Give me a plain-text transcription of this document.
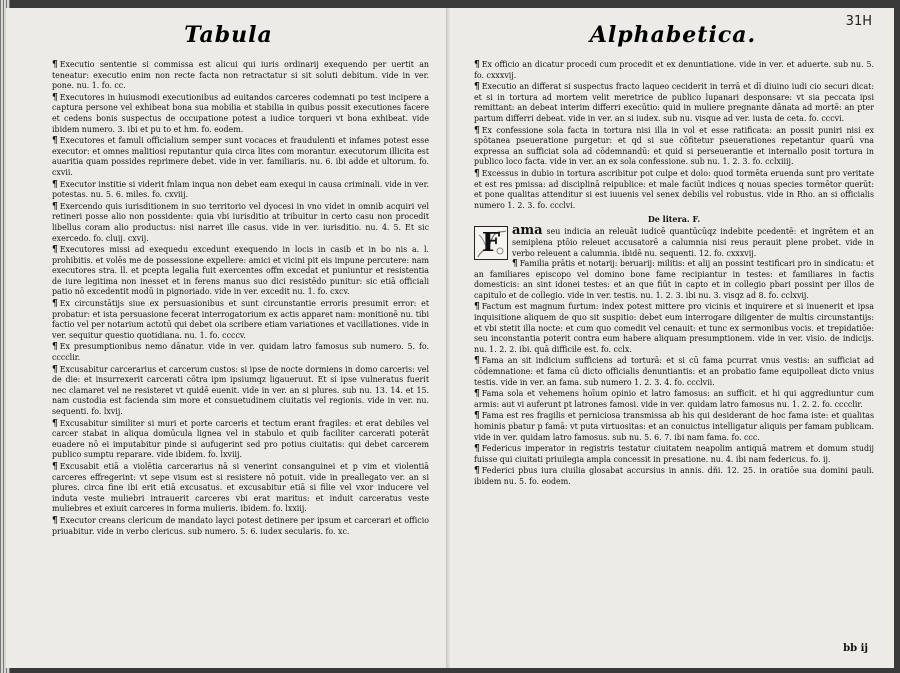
Tabula
¶ Executio sententie si commissa est alicui qui iuris ordinarij exequendo per uertit an teneatur: executio enim non recte facta non retractatur si sit soluti debitum. vide in ver. pone. nu. 1. fo. cc.
¶ Executores in huiusmodi executionibus ad euitandos carceres codemnati po test incipere a captura persone vel exhibeat bona sua mobilia et stabilia in quibus possit executiones facere et cedens bonis suspectus de occupatione potest a iudice torqueri vt bona exhibeat. vide ibidem numero. 3. ibi et pu to et hm. fo. eodem.
¶ Executores et famuli officialium semper sunt vocaces et fraudulenti et infames potest esse executor: et omnes malitiosi reputantur quia circa lites com morantur. executorum illicita est auaritia quam possides reprimere debet. vide in ver. familiaris. nu. 6. ibi adde et ultorum. fo. cxvii.
¶ Executor institie si viderit fnlam inqua non debet eam exequi in causa criminali. vide in ver. potestas. nu. 5. 6. miles. fo. cxviij.
¶ Exercendo quis iurisditionem in suo territorio vel dyocesi in vno videt in omnib acquiri vel retineri posse alio non possidente: quia vbi iurisditio at tribuitur in certo casu non procedit libellus coram alio productus: nisi narret ille casus. vide in ver. iurisditio. nu. 4. 5. Et sic exercedo. fo. cluij. cxvij.
¶ Executores missi ad exequedu excedunt exequendo in locis in casib et in bo nis a. l. prohibitis. et volēs me de possessione expellere: amici et vicini pit eis impune percutere: nam executores stra. ll. et pcepta legalia fuit exercentes offm excedat et puniuntur et resistentia de iure legitima non inesset et in ferens manus suo dici resistēdo punitur: sic etiā officiali patio nō excedentit modū in pignoriado. vide in ver. excedit nu. 1. fo. cxcv.
¶ Ex circunstātijs siue ex persuasionibus et sunt circunstantie erroris presumit error: et probatur: et ista persuasione fecerat interrogatorium ex actis apparet nam: monitionē nu. tibi factio vel per notarium actotū qui debet oia scribere etiam variationes et vacillationes. vide in ver. sequitur questio quotidiana. nu. 1. fo. ccccv.
¶ Ex presumptionibus nemo dānatur. vide in ver. quidam latro famosus sub numero. 5. fo. cccclir.
¶ Excusabitur carcerarius et carcerum custos: si ipse de nocte dormiens in domo carceris: vel de die: et insurrexerit carcerati cōtra ipm ipsiumqz ligaueruut. Et si ipse vulneratus fuerit nec clamaret vel ne resisteret vt quidē euenit. vide in ver. an si plures. sub nu. 13. 14. et 15. nam custodia est facienda sim more et consuetudinem ciuitatis vel regionis. vide in ver. nu. sequenti. fo. lxvij.
¶ Excusabitur similiter si muri et porte carceris et tectum erant fragiles: et erat debiles vel carcer stabat in aliqua domūcula lignea vel in stabulo et quib faciliter carcerati poterāt euadere nō ei imputabitur pinde si aufugerint sed pro potius ciuitatis: qui debet carcerem publico sumptu reparare. vide ibidem. fo. lxviij.
¶ Excusabit etiā a violētia carcerarius nā si venerint consanguinei et p vim et violentiā carceres effregerint: vt sepe visum est si resistere nō potuit. vide in preallegato ver. an si plures. circa fine ibi erit etiā excusatus. et excusabitur etiā si filie vel vxor inducere vel induta veste muliebri intrauerit carceres vbi erat maritus: et induit carceratus veste muliebres et exiuit carceres in forma mulieris. ibidem. fo. lxxiij.
¶ Executor creans clericum de mandato layci potest detinere per ipsum et carcerari et officio priuabitur. vide in verbo clericus. sub numero. 5. 6. iudex secularis. fo. xc.
31H
Alphabetica.
¶ Ex officio an dicatur procedi cum procedit et ex denuntiatione. vide in ver. et aduerte. sub nu. 5. fo. cxxxvij.
¶ Executio an differat si suspectus fracto laqueo ceciderit in terrā et dī diuino iudi cio securi dicat: et si in tortura ad mortem velit meretrice de publico lupanari desponsare: vt sia peccata ipsi remittant: an debeat interim differri execūtio: quid in muliere pregnante dānata ad mortē: an pter partum differri debeat. vide in ver. an si iudex. sub nu. visque ad ver. iusta de ceta. fo. cccvi.
¶ Ex confessione sola facta in tortura nisi illa in vol et esse ratificata: an possit puniri nisi ex spōtanea pseueratione purgetur: et qd si sue cōfitetur pseuerationes repetantur quarū vna expressa an sufficiat sola ad cōdemnandū: et quid si perseuerantie et internallo posit tortura in publico loco facta. vide in ver. an ex sola confessione. sub nu. 1. 2. 3. fo. cclxiiij.
¶ Excessus in dubio in tortura ascribitur pot culpe et dolo: quod tormēta eruenda sunt pro veritate et est res pmissa: ad disciplinā reipublice: et male faciūt indices q nouas species tormētor querūt: et pone qualitas attenditur si est iuuenis vel senex debilis vel robustus. vide in Rho. an si officialis numero 1. 2. 3. fo. ccclvi.
De litera. F.
F ama seu indicia an releuāt iudicē quantūcūqz indebite pcedentē: et ingrētem et an semiplena ptōio releuet accusatorē a calumnia nisi reus perauit plene probet. vide in verbo releuent a calumnia. ibidē nu. sequenti. 12. fo. cxxxvij.
¶ Familia prātis et notarij: beruarij: militis: et alij an possint testificari pro in sindicatu: et an familiares episcopo vel domino bone fame recipiantur in testes: et familiares in factis domesticis: an sint idonei testes: et an que fiūt in capto et in collegio pbari possint per illos de capitulo et de collegio. vide in ver. testis. nu. 1. 2. 3. ibi nu. 3. visqz ad 8. fo. cclxvij.
¶ Factum est magnum furtum: index potest mittere pro vicinis et inquirere et si inuenerit et ipsa inquisitione aliquem de quo sit suspitio: debet eum interrogare diligenter de multis circunstantijs: et vbi stetit illa nocte: et cum quo comedit vel cenauit: et tunc ex sermonibus vocis. et trepidatiōe: seu inconstantia poterit contra eum habere aliquam presumptionem. vide in ver. visio. de indicijs. nu. 1. 2. 2. ibi. quā difficile est. fo. cclx.
¶ Fama an sit indicium sufficiens ad torturā: et si cū fama pcurrat vnus vestis: an sufficiat ad cōdemnatione: et fama cū dicto officialis denuntiantis: et an probatio fame equipolleat dicto vnius testis. vide in ver. an fama. sub numero 1. 2. 3. 4. fo. ccclvii.
¶ Fama sola et vehemens hoīum opinio et latro famosus: an sufficit. et hi qui aggrediuntur cum armis: aut vi auferunt pt latrones famosi. vide in ver. quidam latro famosus nu. 1. 2. 2. fo. cccclir.
¶ Fama est res fragilis et perniciosa transmissa ab his qui desiderant de hoc fama iste: et qualitas hominis pbatur p famā: vt puta virtuositas: et an conuictus intelligatur aliquis per famam publicam. vide in ver. quidam latro famosus. sub nu. 5. 6. 7. ibi nam fama. fo. ccc.
¶ Federicus imperator in registris testatur ciuitatem neapolim antiquā matrem et domum studij fuisse qui ciuitati priuilegia ampla concessit in presatione. nu. 4. ibi nam federicus. fo. ij.
¶ Federici pbus iura ciuilia glosabat accursius in annis. dñi. 12. 25. in oratiōe sua domini pauli. ibidem nu. 5. fo. eodem.
bb ij
